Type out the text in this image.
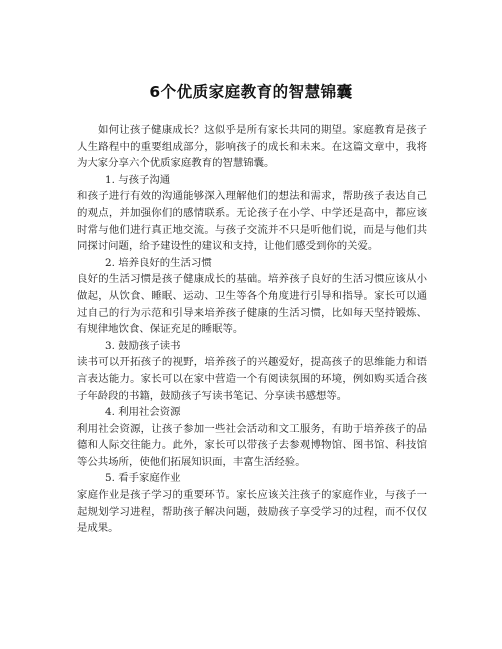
6个优质家庭教育的智慧锦囊

如何让孩子健康成长？这似乎是所有家长共同的期望。家庭教育是孩子人生路程中的重要组成部分，影响孩子的成长和未来。在这篇文章中，我将为大家分享六个优质家庭教育的智慧锦囊。

1. 与孩子沟通

和孩子进行有效的沟通能够深入理解他们的想法和需求，帮助孩子表达自己的观点，并加强你们的感情联系。无论孩子在小学、中学还是高中，都应该时常与他们进行真正地交流。与孩子交流并不只是听他们说，而是与他们共同探讨问题，给予建设性的建议和支持，让他们感受到你的关爱。

2. 培养良好的生活习惯

良好的生活习惯是孩子健康成长的基础。培养孩子良好的生活习惯应该从小做起，从饮食、睡眠、运动、卫生等各个角度进行引导和指导。家长可以通过自己的行为示范和引导来培养孩子健康的生活习惯，比如每天坚持锻炼、有规律地饮食、保证充足的睡眠等。

3. 鼓励孩子读书

读书可以开拓孩子的视野，培养孩子的兴趣爱好，提高孩子的思维能力和语言表达能力。家长可以在家中营造一个有阅读氛围的环境，例如购买适合孩子年龄段的书籍，鼓励孩子写读书笔记、分享读书感想等。

4. 利用社会资源

利用社会资源，让孩子参加一些社会活动和文工服务，有助于培养孩子的品德和人际交往能力。此外，家长可以带孩子去参观博物馆、图书馆、科技馆等公共场所，使他们拓展知识面，丰富生活经验。

5. 看手家庭作业

家庭作业是孩子学习的重要环节。家长应该关注孩子的家庭作业，与孩子一起规划学习进程，帮助孩子解决问题，鼓励孩子享受学习的过程，而不仅仅是成果。
